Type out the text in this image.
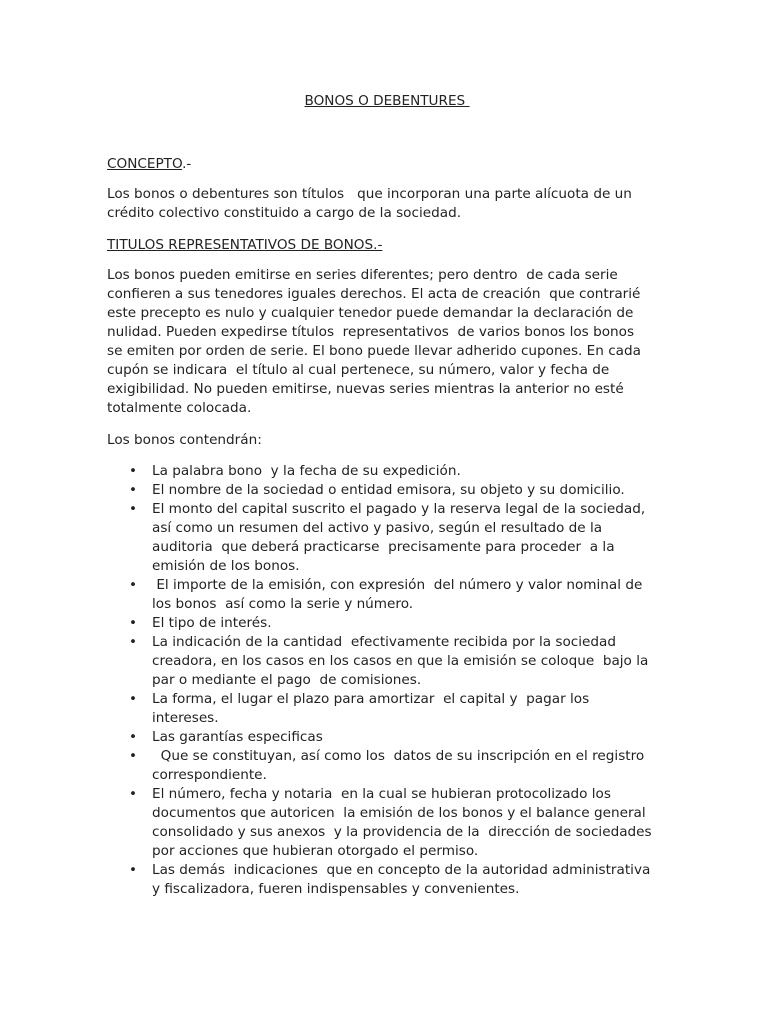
BONOS O DEBENTURES

CONCEPTO.-

Los bonos o debentures son títulos   que incorporan una parte alícuota de un

crédito colectivo constituido a cargo de la sociedad.

TITULOS REPRESENTATIVOS DE BONOS.-

Los bonos pueden emitirse en series diferentes; pero dentro  de cada serie

confieren a sus tenedores iguales derechos. El acta de creación  que contrarié

este precepto es nulo y cualquier tenedor puede demandar la declaración de

nulidad. Pueden expedirse títulos  representativos  de varios bonos los bonos

se emiten por orden de serie. El bono puede llevar adherido cupones. En cada

cupón se indicara  el título al cual pertenece, su número, valor y fecha de

exigibilidad. No pueden emitirse, nuevas series mientras la anterior no esté

totalmente colocada.

Los bonos contendrán:

• La palabra bono  y la fecha de su expedición.

• El nombre de la sociedad o entidad emisora, su objeto y su domicilio.

• El monto del capital suscrito el pagado y la reserva legal de la sociedad,

así como un resumen del activo y pasivo, según el resultado de la

auditoria  que deberá practicarse  precisamente para proceder  a la

emisión de los bonos.

• El importe de la emisión, con expresión  del número y valor nominal de

los bonos  así como la serie y número.

• El tipo de interés.

• La indicación de la cantidad  efectivamente recibida por la sociedad

creadora, en los casos en los casos en que la emisión se coloque  bajo la

par o mediante el pago  de comisiones.

• La forma, el lugar el plazo para amortizar  el capital y  pagar los

intereses.

• Las garantías especificas

• Que se constituyan, así como los  datos de su inscripción en el registro

correspondiente.

• El número, fecha y notaria  en la cual se hubieran protocolizado los

documentos que autoricen  la emisión de los bonos y el balance general

consolidado y sus anexos  y la providencia de la  dirección de sociedades

por acciones que hubieran otorgado el permiso.

• Las demás  indicaciones  que en concepto de la autoridad administrativa

y fiscalizadora, fueren indispensables y convenientes.
